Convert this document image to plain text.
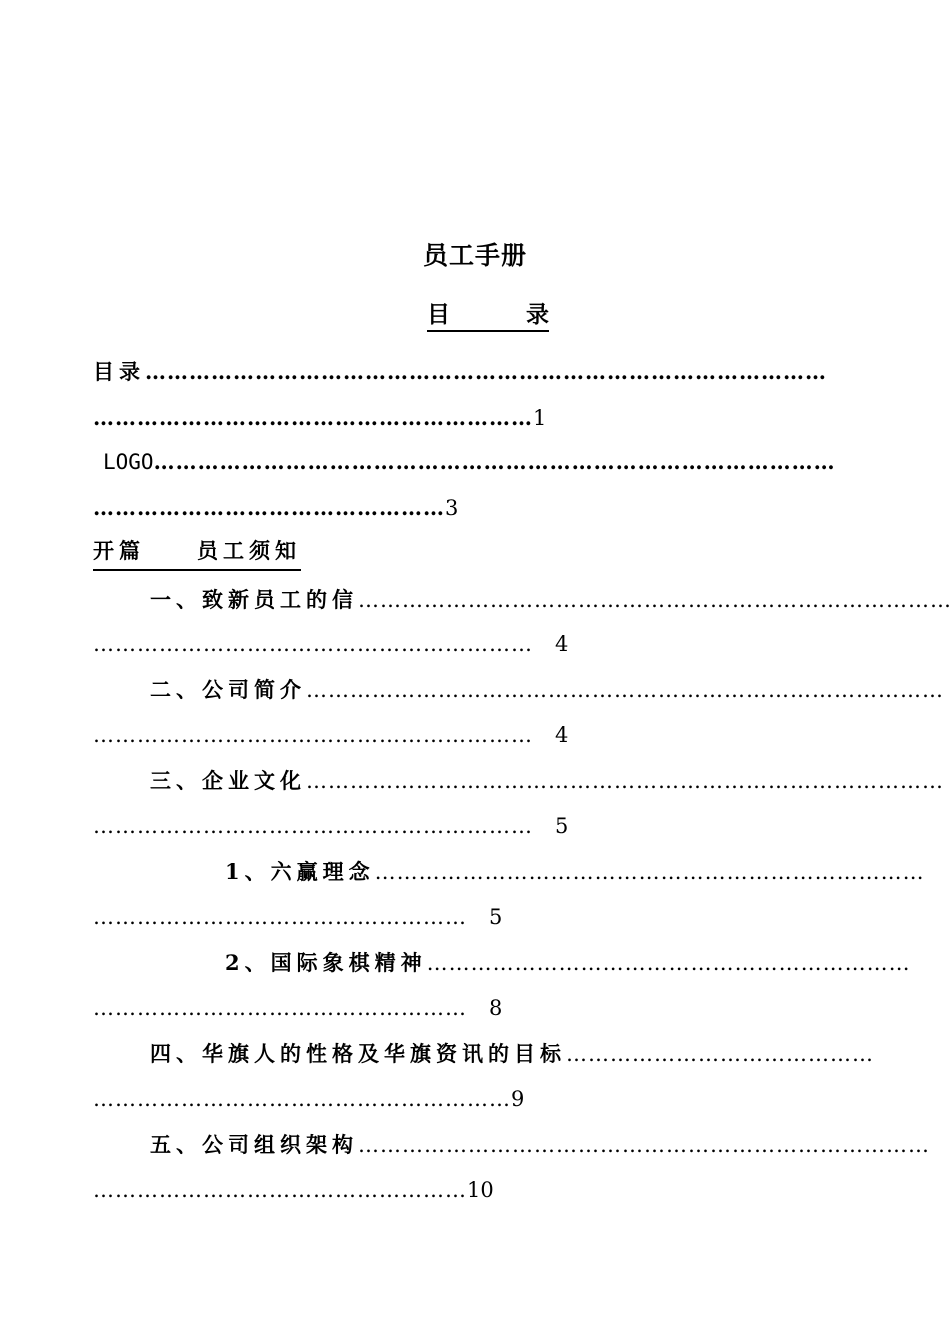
员工手册
目	录
目录…………………………………………………………………………………
……………………………………………………1
LOGO…………………………………………………………………………………
…………………………………………3
开篇　　员工须知
一、致新员工的信………………………………………………………………………
…………………………………………………… 4
二、公司简介……………………………………………………………………………
…………………………………………………… 4
三、企业文化……………………………………………………………………………
…………………………………………………… 5
1、六赢理念…………………………………………………………………
…………………………………………… 5
2、国际象棋精神…………………………………………………………
…………………………………………… 8
四、华旗人的性格及华旗资讯的目标……………………………………
…………………………………………………9
五、公司组织架构……………………………………………………………………
……………………………………………10
